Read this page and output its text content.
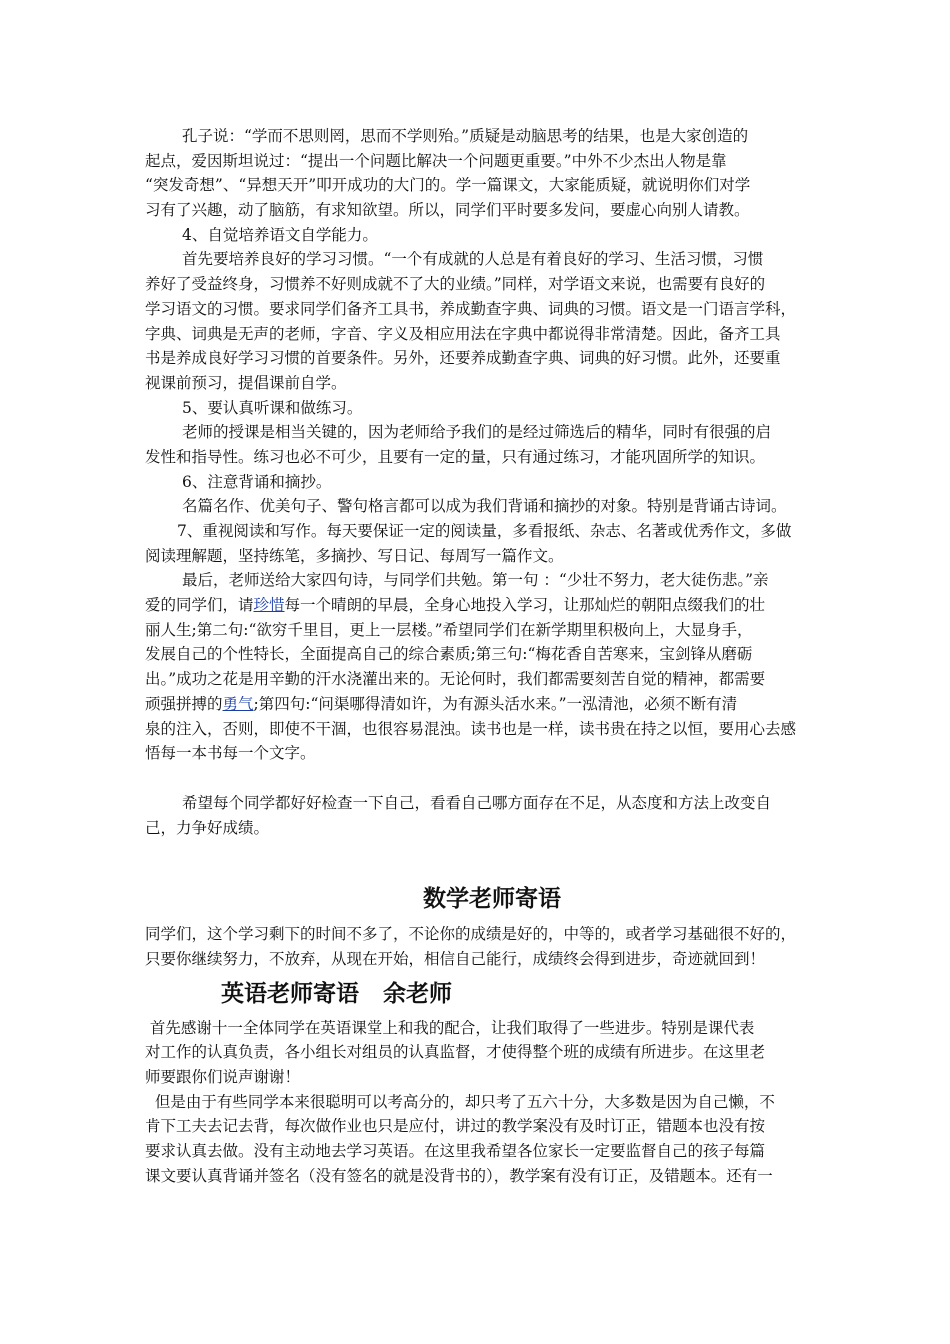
孔子说：“学而不思则罔，思而不学则殆。”质疑是动脑思考的结果，也是大家创造的
起点，爱因斯坦说过：“提出一个问题比解决一个问题更重要。”中外不少杰出人物是靠
“突发奇想”、“异想天开”叩开成功的大门的。学一篇课文，大家能质疑，就说明你们对学
习有了兴趣，动了脑筋，有求知欲望。所以，同学们平时要多发问，要虚心向别人请教。
4、自觉培养语文自学能力。
首先要培养良好的学习习惯。“一个有成就的人总是有着良好的学习、生活习惯，习惯
养好了受益终身，习惯养不好则成就不了大的业绩。”同样，对学语文来说，也需要有良好的
学习语文的习惯。要求同学们备齐工具书，养成勤查字典、词典的习惯。语文是一门语言学科，
字典、词典是无声的老师，字音、字义及相应用法在字典中都说得非常清楚。因此，备齐工具
书是养成良好学习习惯的首要条件。另外，还要养成勤查字典、词典的好习惯。此外，还要重
视课前预习，提倡课前自学。
5、要认真听课和做练习。
老师的授课是相当关键的，因为老师给予我们的是经过筛选后的精华，同时有很强的启
发性和指导性。练习也必不可少，且要有一定的量，只有通过练习，才能巩固所学的知识。
6、注意背诵和摘抄。
名篇名作、优美句子、警句格言都可以成为我们背诵和摘抄的对象。特别是背诵古诗词。
7、重视阅读和写作。每天要保证一定的阅读量，多看报纸、杂志、名著或优秀作文，多做
阅读理解题，坚持练笔，多摘抄、写日记、每周写一篇作文。
最后，老师送给大家四句诗，与同学们共勉。第一句 ：“少壮不努力，老大徒伤悲。”亲
爱的同学们，请珍惜每一个晴朗的早晨，全身心地投入学习，让那灿烂的朝阳点缀我们的壮
丽人生;第二句:“欲穷千里目，更上一层楼。”希望同学们在新学期里积极向上，大显身手，
发展自己的个性特长，全面提高自己的综合素质;第三句:“梅花香自苦寒来，宝剑锋从磨砺
出。”成功之花是用辛勤的汗水浇灌出来的。无论何时，我们都需要刻苦自觉的精神，都需要
顽强拼搏的勇气;第四句:“问渠哪得清如许，为有源头活水来。”一泓清池，必须不断有清
泉的注入，否则，即使不干涸，也很容易混浊。读书也是一样，读书贵在持之以恒，要用心去感
悟每一本书每一个文字。
希望每个同学都好好检查一下自己，看看自己哪方面存在不足，从态度和方法上改变自
己，力争好成绩。
数学老师寄语
同学们，这个学习剩下的时间不多了，不论你的成绩是好的，中等的，或者学习基础很不好的，
只要你继续努力，不放弃，从现在开始，相信自己能行，成绩终会得到进步，奇迹就回到！
英语老师寄语   余老师
首先感谢十一全体同学在英语课堂上和我的配合，让我们取得了一些进步。特别是课代表
对工作的认真负责，各小组长对组员的认真监督，才使得整个班的成绩有所进步。在这里老
师要跟你们说声谢谢！
但是由于有些同学本来很聪明可以考高分的，却只考了五六十分，大多数是因为自己懒，不
肯下工夫去记去背，每次做作业也只是应付，讲过的教学案没有及时订正，错题本也没有按
要求认真去做。没有主动地去学习英语。在这里我希望各位家长一定要监督自己的孩子每篇
课文要认真背诵并签名（没有签名的就是没背书的），教学案有没有订正，及错题本。还有一
